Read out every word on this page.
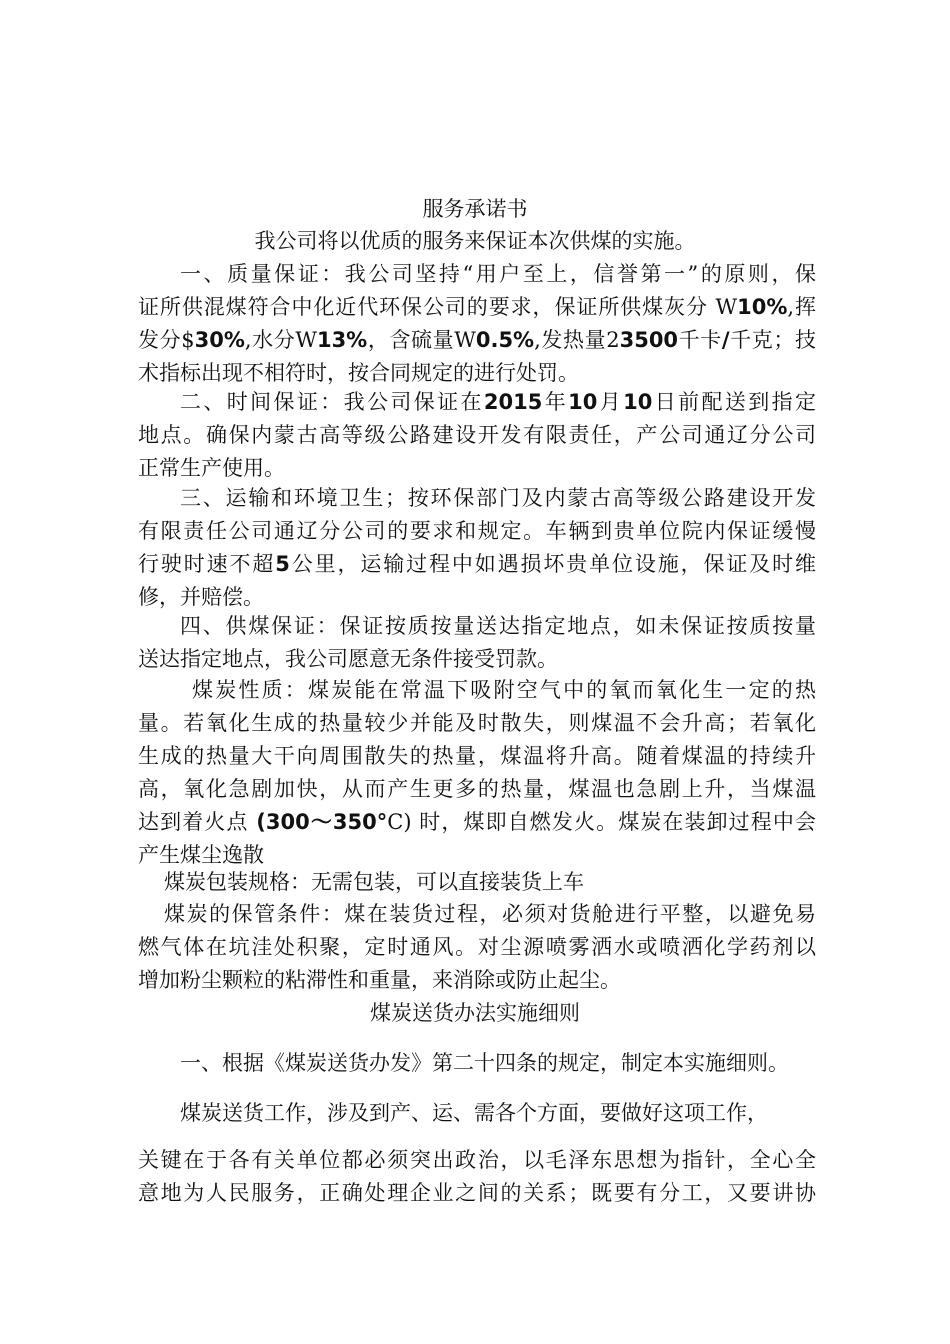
服务承诺书
我公司将以优质的服务来保证本次供煤的实施。
一、质量保证：我公司坚持“用户至上，信誉第一”的原则，保
证所供混煤符合中化近代环保公司的要求，保证所供煤灰分 W10%,挥
发分$30%,水分W13%，含硫量W0.5%,发热量23500千卡/千克；技
术指标出现不相符时，按合同规定的进行处罚。
二、时间保证：我公司保证在2015年10月10日前配送到指定
地点。确保内蒙古高等级公路建设开发有限责任，产公司通辽分公司
正常生产使用。
三、运输和环境卫生；按环保部门及内蒙古高等级公路建设开发
有限责任公司通辽分公司的要求和规定。车辆到贵单位院内保证缓慢
行驶时速不超5公里，运输过程中如遇损坏贵单位设施，保证及时维
修，并赔偿。
四、供煤保证：保证按质按量送达指定地点，如未保证按质按量
送达指定地点，我公司愿意无条件接受罚款。
煤炭性质：煤炭能在常温下吸附空气中的氧而氧化生一定的热
量。若氧化生成的热量较少并能及时散失，则煤温不会升高；若氧化
生成的热量大干向周围散失的热量，煤温将升高。随着煤温的持续升
高，氧化急剧加快，从而产生更多的热量，煤温也急剧上升，当煤温
达到着火点 (300〜350°C) 时，煤即自燃发火。煤炭在装卸过程中会
产生煤尘逸散
煤炭包装规格：无需包装，可以直接装货上车
煤炭的保管条件：煤在装货过程，必须对货舱进行平整，以避免易
燃气体在坑洼处积聚，定时通风。对尘源喷雾洒水或喷洒化学药剂以
增加粉尘颗粒的粘滞性和重量，来消除或防止起尘。
煤炭送货办法实施细则
一、根据《煤炭送货办发》第二十四条的规定，制定本实施细则。
煤炭送货工作，涉及到产、运、需各个方面，要做好这项工作，
关键在于各有关单位都必须突出政治，以毛泽东思想为指针，全心全
意地为人民服务，正确处理企业之间的关系；既要有分工，又要讲协
